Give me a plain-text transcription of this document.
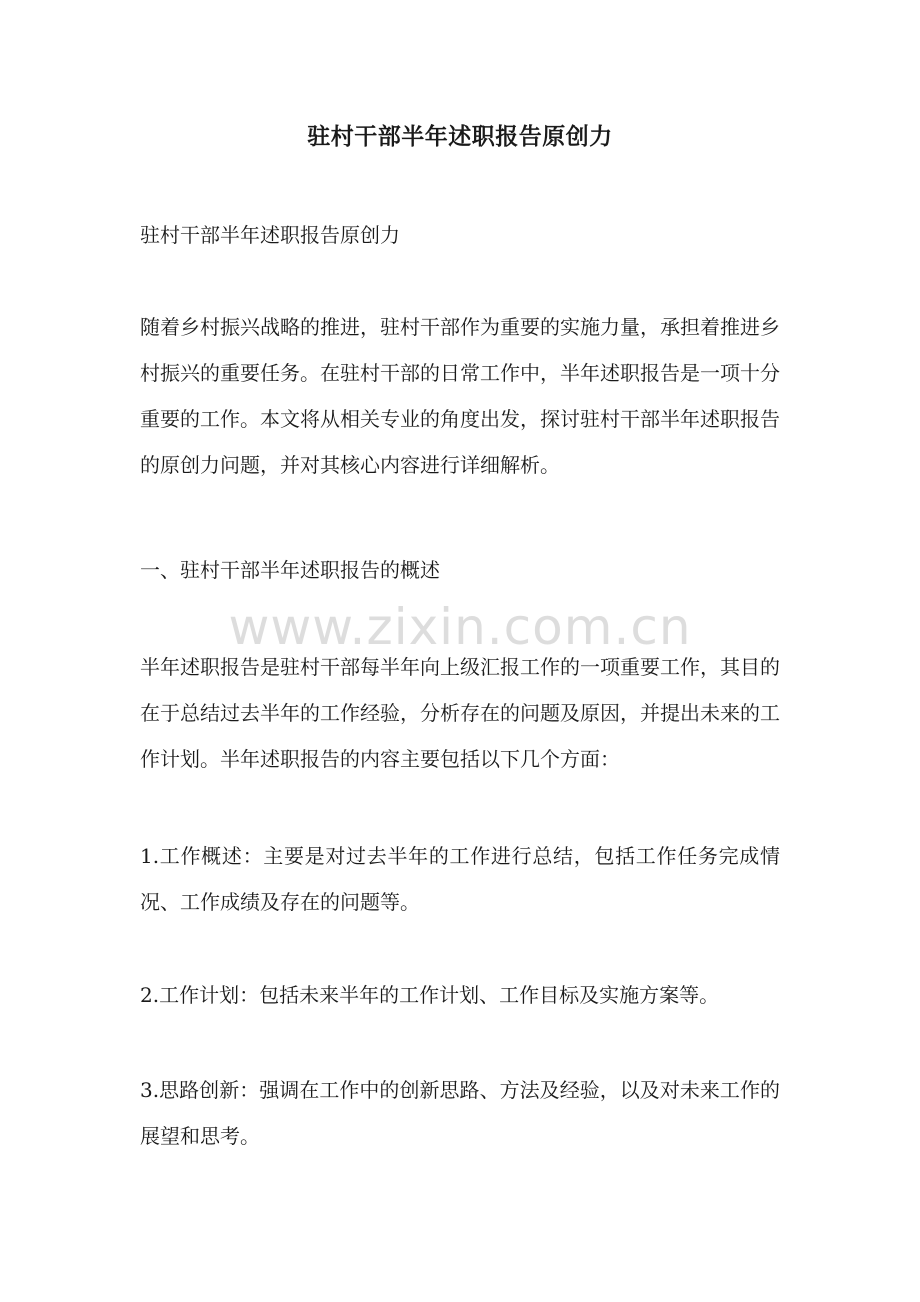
驻村干部半年述职报告原创力

驻村干部半年述职报告原创力

随着乡村振兴战略的推进，驻村干部作为重要的实施力量，承担着推进乡村振兴的重要任务。在驻村干部的日常工作中，半年述职报告是一项十分重要的工作。本文将从相关专业的角度出发，探讨驻村干部半年述职报告的原创力问题，并对其核心内容进行详细解析。

一、驻村干部半年述职报告的概述

半年述职报告是驻村干部每半年向上级汇报工作的一项重要工作，其目的在于总结过去半年的工作经验，分析存在的问题及原因，并提出未来的工作计划。半年述职报告的内容主要包括以下几个方面：

1.工作概述：主要是对过去半年的工作进行总结，包括工作任务完成情况、工作成绩及存在的问题等。

2.工作计划：包括未来半年的工作计划、工作目标及实施方案等。

3.思路创新：强调在工作中的创新思路、方法及经验，以及对未来工作的展望和思考。

www.zixin.com.cn
